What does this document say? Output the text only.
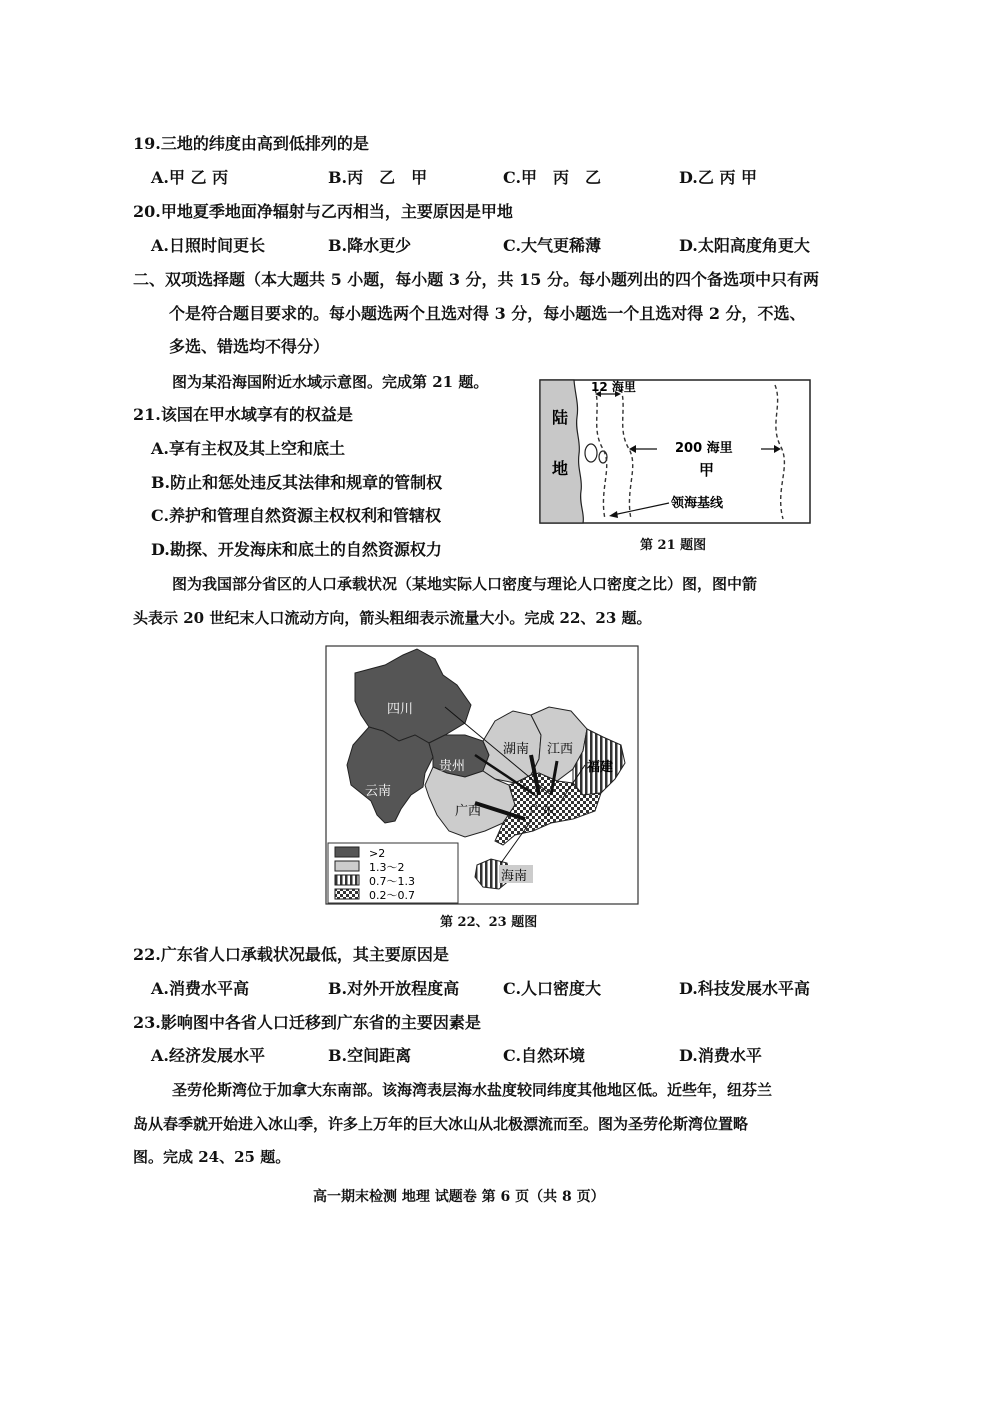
19.三地的纬度由高到低排列的是
A.甲 乙 丙	B.丙　乙　甲	C.甲　丙　乙	D.乙 丙 甲
20.甲地夏季地面净辐射与乙丙相当，主要原因是甲地
A.日照时间更长	B.降水更少	C.大气更稀薄	D.太阳高度角更大
二、双项选择题（本大题共 5 小题，每小题 3 分，共 15 分。每小题列出的四个备选项中只有两
个是符合题目要求的。每小题选两个且选对得 3 分，每小题选一个且选对得 2 分，不选、
多选、错选均不得分）
图为某沿海国附近水域示意图。完成第 21 题。
21.该国在甲水域享有的权益是
A.享有主权及其上空和底土
B.防止和惩处违反其法律和规章的管制权
C.养护和管理自然资源主权权利和管辖权
D.勘探、开发海床和底土的自然资源权力
陆
地
12 海里
200 海里
甲
领海基线
第 21 题图
图为我国部分省区的人口承载状况（某地实际人口密度与理论人口密度之比）图，图中箭
头表示 20 世纪末人口流动方向，箭头粗细表示流量大小。完成 22、23 题。
四川
云南
贵州
湖南 江西
福建
广西	广东
海南
>2
1.3～2
0.7～1.3
0.2～0.7
第 22、23 题图
22.广东省人口承载状况最低，其主要原因是
A.消费水平高	B.对外开放程度高	C.人口密度大	D.科技发展水平高
23.影响图中各省人口迁移到广东省的主要因素是
A.经济发展水平	B.空间距离	C.自然环境	D.消费水平
圣劳伦斯湾位于加拿大东南部。该海湾表层海水盐度较同纬度其他地区低。近些年，纽芬兰
岛从春季就开始进入冰山季，许多上万年的巨大冰山从北极漂流而至。图为圣劳伦斯湾位置略
图。完成 24、25 题。
高一期末检测 地理 试题卷 第 6 页（共 8 页）
